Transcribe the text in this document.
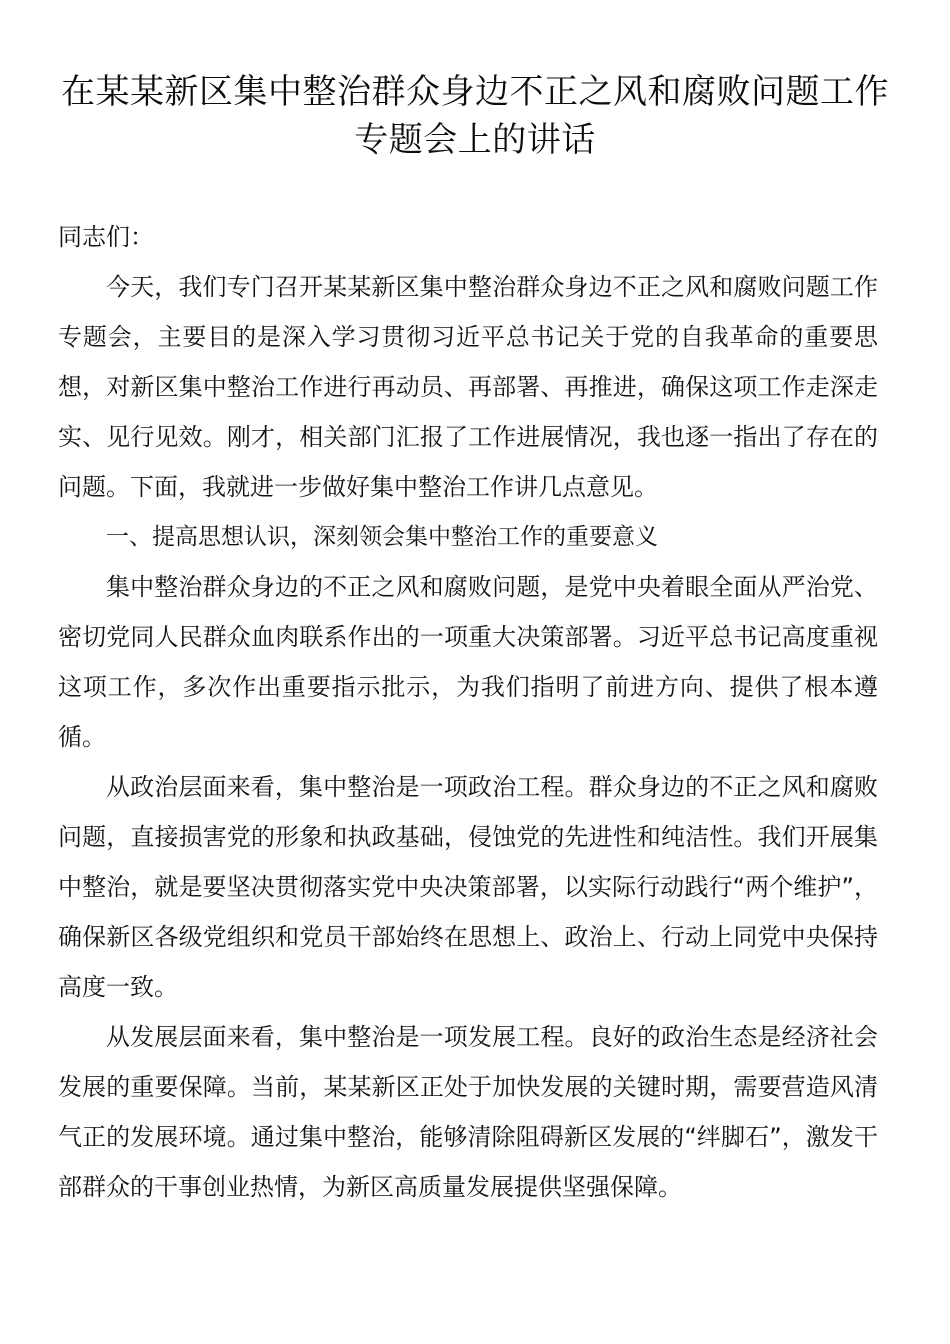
在某某新区集中整治群众身边不正之风和腐败问题工作专题会上的讲话

同志们：

今天，我们专门召开某某新区集中整治群众身边不正之风和腐败问题工作专题会，主要目的是深入学习贯彻习近平总书记关于党的自我革命的重要思想，对新区集中整治工作进行再动员、再部署、再推进，确保这项工作走深走实、见行见效。刚才，相关部门汇报了工作进展情况，我也逐一指出了存在的问题。下面，我就进一步做好集中整治工作讲几点意见。

一、提高思想认识，深刻领会集中整治工作的重要意义

集中整治群众身边的不正之风和腐败问题，是党中央着眼全面从严治党、密切党同人民群众血肉联系作出的一项重大决策部署。习近平总书记高度重视这项工作，多次作出重要指示批示，为我们指明了前进方向、提供了根本遵循。

从政治层面来看，集中整治是一项政治工程。群众身边的不正之风和腐败问题，直接损害党的形象和执政基础，侵蚀党的先进性和纯洁性。我们开展集中整治，就是要坚决贯彻落实党中央决策部署，以实际行动践行“两个维护”，确保新区各级党组织和党员干部始终在思想上、政治上、行动上同党中央保持高度一致。

从发展层面来看，集中整治是一项发展工程。良好的政治生态是经济社会发展的重要保障。当前，某某新区正处于加快发展的关键时期，需要营造风清气正的发展环境。通过集中整治，能够清除阻碍新区发展的“绊脚石”，激发干部群众的干事创业热情，为新区高质量发展提供坚强保障。
